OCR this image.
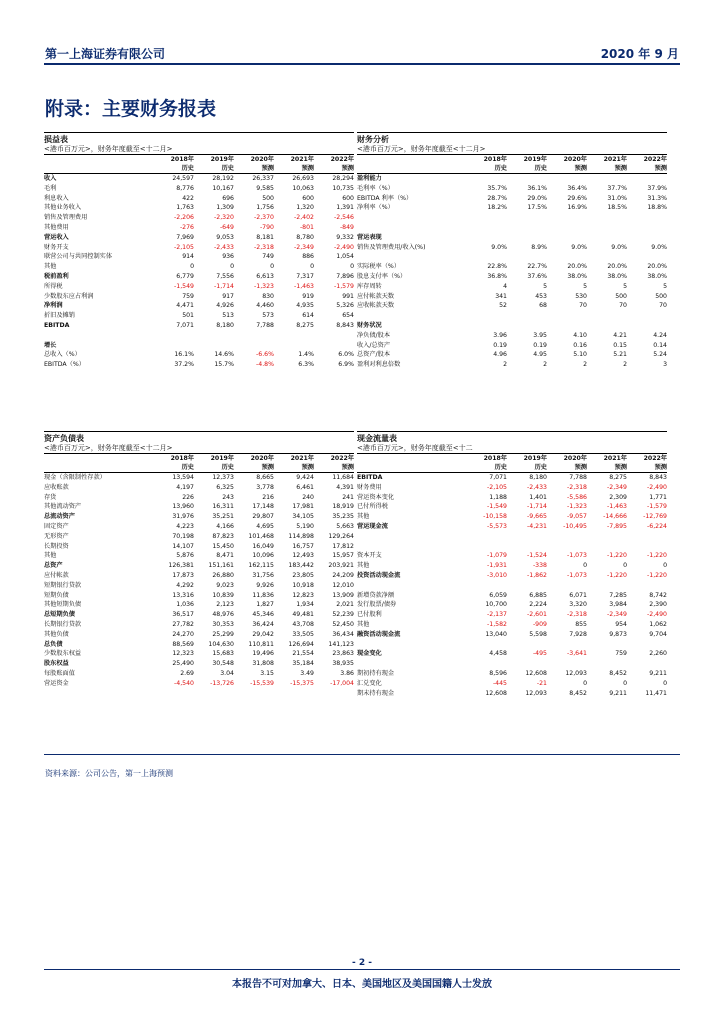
第一上海证券有限公司	2020 年 9 月
附录：主要财务报表
损益表
<港币百万元>，财务年度截至<十二月>
	2018年	2019年	2020年	2021年	2022年
	历史	历史	预测	预测	预测
收入	24,597	28,192	26,337	26,693	28,294
毛利	8,776	10,167	9,585	10,063	10,735
利息收入	422	696	500	600	600
其他业务收入	1,763	1,309	1,756	1,320	1,391
销售及管理费用	-2,206	-2,320	-2,370	-2,402	-2,546
其他费用	-276	-649	-790	-801	-849
营运收入	7,969	9,053	8,181	8,780	9,332
财务开支	-2,105	-2,433	-2,318	-2,349	-2,490
联营公司与共同控制实体	914	936	749	886	1,054
其他	0	0	0	0	0
税前盈利	6,779	7,556	6,613	7,317	7,896
所得税	-1,549	-1,714	-1,323	-1,463	-1,579
少数股东应占利润	759	917	830	919	991
净利润	4,471	4,926	4,460	4,935	5,326
折旧及摊销	501	513	573	614	654
EBITDA	7,071	8,180	7,788	8,275	8,843

增长					
总收入（%）	16.1%	14.6%	-6.6%	1.4%	6.0%
EBITDA（%）	37.2%	15.7%	-4.8%	6.3%	6.9%
财务分析
<港币百万元>，财务年度截至<十二月>
	2018年	2019年	2020年	2021年	2022年
	历史	历史	预测	预测	预测
盈利能力					
毛利率（%）	35.7%	36.1%	36.4%	37.7%	37.9%
EBITDA 利率（%）	28.7%	29.0%	29.6%	31.0%	31.3%
净利率（%）	18.2%	17.5%	16.9%	18.5%	18.8%

营运表现					
销售及管理费用/收入(%)	9.0%	8.9%	9.0%	9.0%	9.0%

实际税率（%）	22.8%	22.7%	20.0%	20.0%	20.0%
股息支付率（%）	36.8%	37.6%	38.0%	38.0%	38.0%
库存周转	4	5	5	5	5
应付帐款天数	341	453	530	500	500
应收帐款天数	52	68	70	70	70

财务状况					
净负债/股本	3.96	3.95	4.10	4.21	4.24
收入/总资产	0.19	0.19	0.16	0.15	0.14
总资产/股本	4.96	4.95	5.10	5.21	5.24
盈利对利息倍数	2	2	2	2	3
资产负债表
<港币百万元>，财务年度截至<十二月>
	2018年	2019年	2020年	2021年	2022年
	历史	历史	预测	预测	预测
现金（含限制性存款）	13,594	12,373	8,665	9,424	11,684
应收账款	4,197	6,325	3,778	6,461	4,391
存货	226	243	216	240	241
其他流动资产	13,960	16,311	17,148	17,981	18,919
总流动资产	31,976	35,251	29,807	34,105	35,235
固定资产	4,223	4,166	4,695	5,190	5,663
无形资产	70,198	87,823	101,468	114,898	129,264
长期投资	14,107	15,450	16,049	16,757	17,812
其他	5,876	8,471	10,096	12,493	15,957
总资产	126,381	151,161	162,115	183,442	203,921
应付帐款	17,873	26,880	31,756	23,805	24,209
短期银行贷款	4,292	9,023	9,926	10,918	12,010
短期负债	13,316	10,839	11,836	12,823	13,909
其他短期负债	1,036	2,123	1,827	1,934	2,021
总短期负债	36,517	48,976	45,346	49,481	52,239
长期银行贷款	27,782	30,353	36,424	43,708	52,450
其他负债	24,270	25,299	29,042	33,505	36,434
总负债	88,569	104,630	110,811	126,694	141,123
少数股东权益	12,323	15,683	19,496	21,554	23,863
股东权益	25,490	30,548	31,808	35,184	38,935
每股账面值	2.69	3.04	3.15	3.49	3.86
营运资金	-4,540	-13,726	-15,539	-15,375	-17,004
现金流量表
<港币百万元>，财务年度截至<十二
	2018年	2019年	2020年	2021年	2022年
	历史	历史	预测	预测	预测
EBITDA	7,071	8,180	7,788	8,275	8,843
财务费用	-2,105	-2,433	-2,318	-2,349	-2,490
营运资本变化	1,188	1,401	-5,586	2,309	1,771
已付所得税	-1,549	-1,714	-1,323	-1,463	-1,579
其他	-10,158	-9,665	-9,057	-14,666	-12,769
营运现金流	-5,573	-4,231	-10,495	-7,895	-6,224

资本开支	-1,079	-1,524	-1,073	-1,220	-1,220
其他	-1,931	-338	0	0	0
投资活动现金流	-3,010	-1,862	-1,073	-1,220	-1,220

新增贷款净额	6,059	6,885	6,071	7,285	8,742
发行股票/债券	10,700	2,224	3,320	3,984	2,390
已付股利	-2,137	-2,601	-2,318	-2,349	-2,490
其他	-1,582	-909	855	954	1,062
融资活动现金流	13,040	5,598	7,928	9,873	9,704

现金变化	4,458	-495	-3,641	759	2,260

期初持有现金	8,596	12,608	12,093	8,452	9,211
汇兑变化	-445	-21	0	0	0
期末持有现金	12,608	12,093	8,452	9,211	11,471
资料来源：公司公告，第一上海预测
- 2 -
本报告不可对加拿大、日本、美国地区及美国国籍人士发放
